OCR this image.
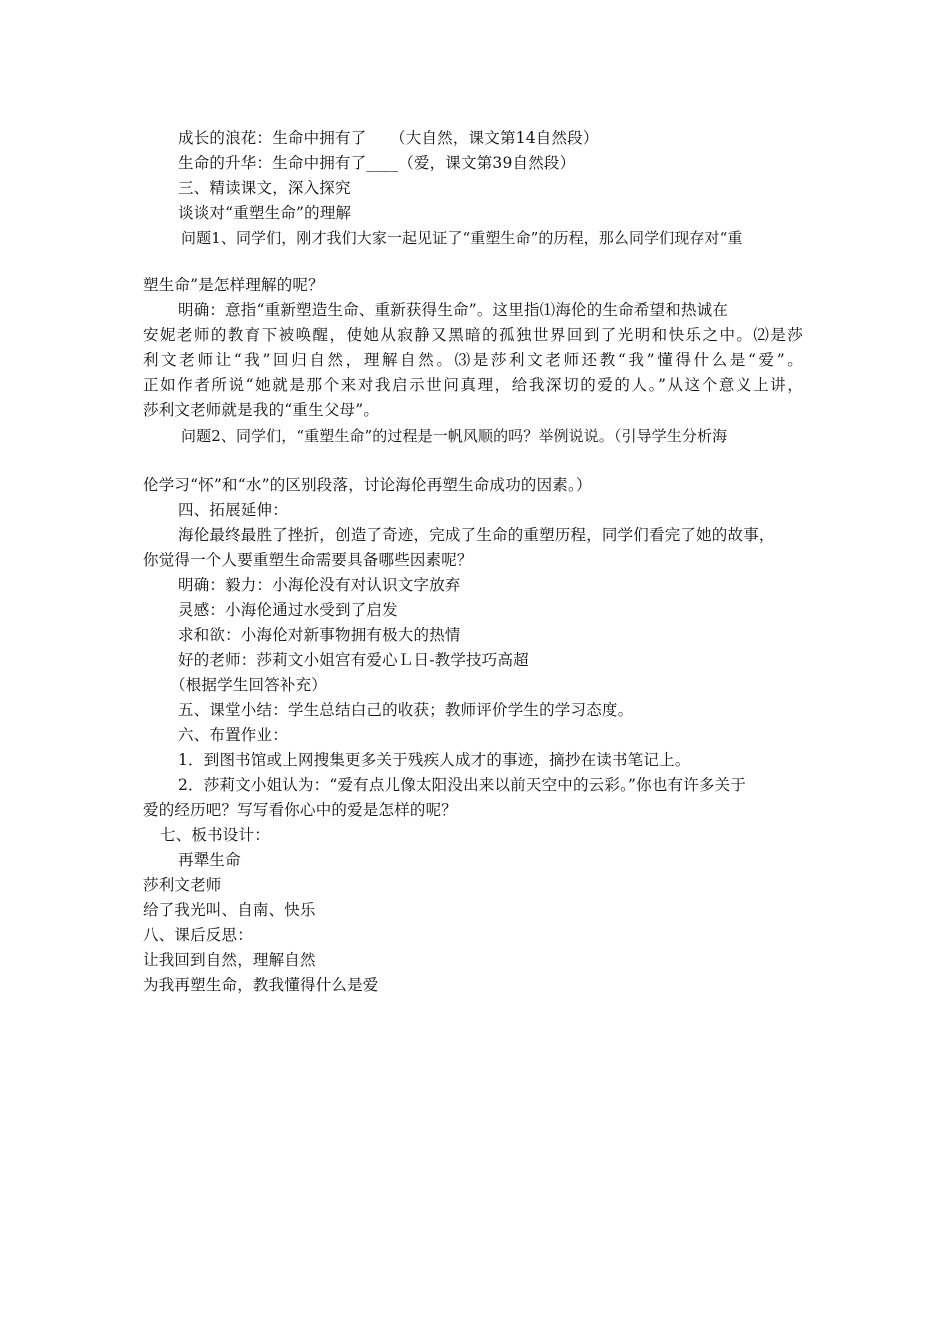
成长的浪花：生命中拥有了　　（大自然，课文第14自然段）
生命的升华：生命中拥有了____（爱，课文第39自然段）
三、精读课文，深入探究
谈谈对“重塑生命”的理解
问题1、同学们，刚才我们大家一起见证了“重塑生命”的历程，那么同学们现存对“重
塑生命”是怎样理解的呢？
明确：意指“重新塑造生命、重新获得生命”。这里指⑴海伦的生命希望和热诚在
安妮老师的教育下被唤醒，使她从寂静又黑暗的孤独世界回到了光明和快乐之中。⑵是莎
利文老师让“我”回归自然，理解自然。⑶是莎利文老师还教“我”懂得什么是“爱”。
正如作者所说“她就是那个来对我启示世问真理，给我深切的爱的人。”从这个意义上讲，
莎利文老师就是我的“重生父母”。
问题2、同学们，“重塑生命”的过程是一帆风顺的吗？举例说说。（引导学生分析海
伦学习“怀”和“水”的区别段落，讨论海伦再塑生命成功的因素。）
四、拓展延伸：
海伦最终最胜了挫折，创造了奇迹，完成了生命的重塑历程，同学们看完了她的故事，
你觉得一个人要重塑生命需要具备哪些因素呢？
明确：毅力：小海伦没有对认识文字放弃
灵感：小海伦通过水受到了启发
求和欲：小海伦对新事物拥有极大的热情
好的老师：莎莉文小姐宫有爱心Ｌ日-教学技巧高超
（根据学生回答补充）
五、课堂小结：学生总结白己的收获；教师评价学生的学习态度。
六、布置作业：
1．到图书馆或上网搜集更多关于残疾人成才的事迹，摘抄在读书笔记上。
2．莎莉文小姐认为：“爱有点儿像太阳没出来以前天空中的云彩。”你也有许多关于
爱的经历吧？写写看你心中的爱是怎样的呢？
七、板书设计：
再犟生命
莎利文老师
给了我光叫、自南、快乐
八、课后反思：
让我回到自然，理解自然
为我再塑生命，教我懂得什么是爱
